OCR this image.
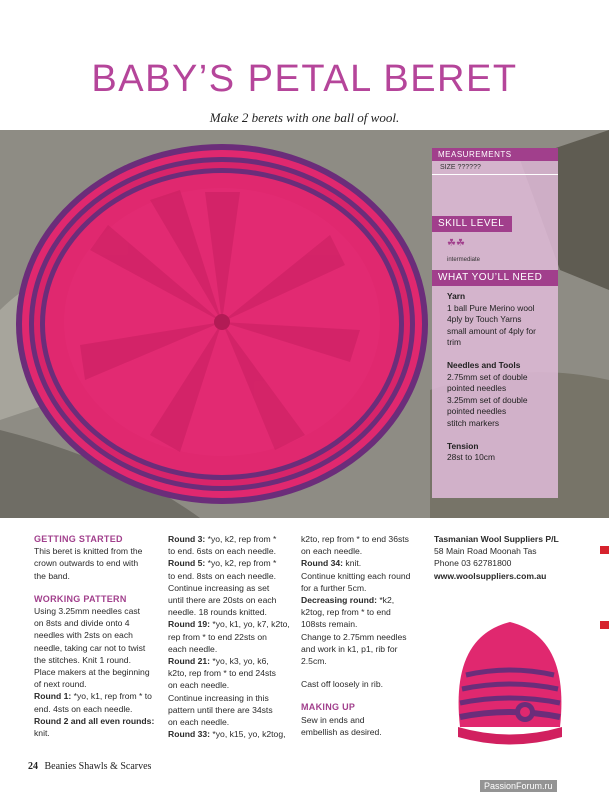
BABY’S PETAL BERET
Make 2 berets with one ball of wool.
MEASUREMENTS
SIZE ??????
SKILL LEVEL
☘☘
intermediate
WHAT YOU’LL NEED
Yarn
1 ball Pure Merino wool
4ply by Touch Yarns
small amount of 4ply for
trim
Needles and Tools
2.75mm set of double
pointed needles
3.25mm set of double
pointed needles
stitch markers
Tension
28st to 10cm
GETTING STARTED
This beret is knitted from the
crown outwards to end with
the band.
WORKING PATTERN
Using 3.25mm needles cast
on 8sts and divide onto 4
needles with 2sts on each
needle, taking car not to twist
the stitches. Knit 1 round.
Place makers at the beginning
of next round.
Round 1: *yo, k1, rep from * to
end. 4sts on each needle.
Round 2 and all even rounds:
knit.
Round 3: *yo, k2, rep from *
to end. 6sts on each needle.
Round 5: *yo, k2, rep from *
to end. 8sts on each needle.
Continue increasing as set
until there are 20sts on each
needle. 18 rounds knitted.
Round 19: *yo, k1, yo, k7, k2to,
rep from * to end 22sts on
each needle.
Round 21: *yo, k3, yo, k6,
k2to, rep from * to end 24sts
on each needle.
Continue increasing in this
pattern until there are 34sts
on each needle.
Round 33: *yo, k15, yo, k2tog,
k2to, rep from * to end 36sts
on each needle.
Round 34: knit.
Continue knitting each round
for a further 5cm.
Decreasing round: *k2,
k2tog, rep from * to end
108sts remain.
Change to 2.75mm needles
and work in k1, p1, rib for
2.5cm.
Cast off loosely in rib.
MAKING UP
Sew in ends and
embellish as desired.
Tasmanian Wool Suppliers P/L
58 Main Road Moonah Tas
Phone 03 62781800
www.woolsuppliers.com.au
24 Beanies Shawls & Scarves
PassionForum.ru
